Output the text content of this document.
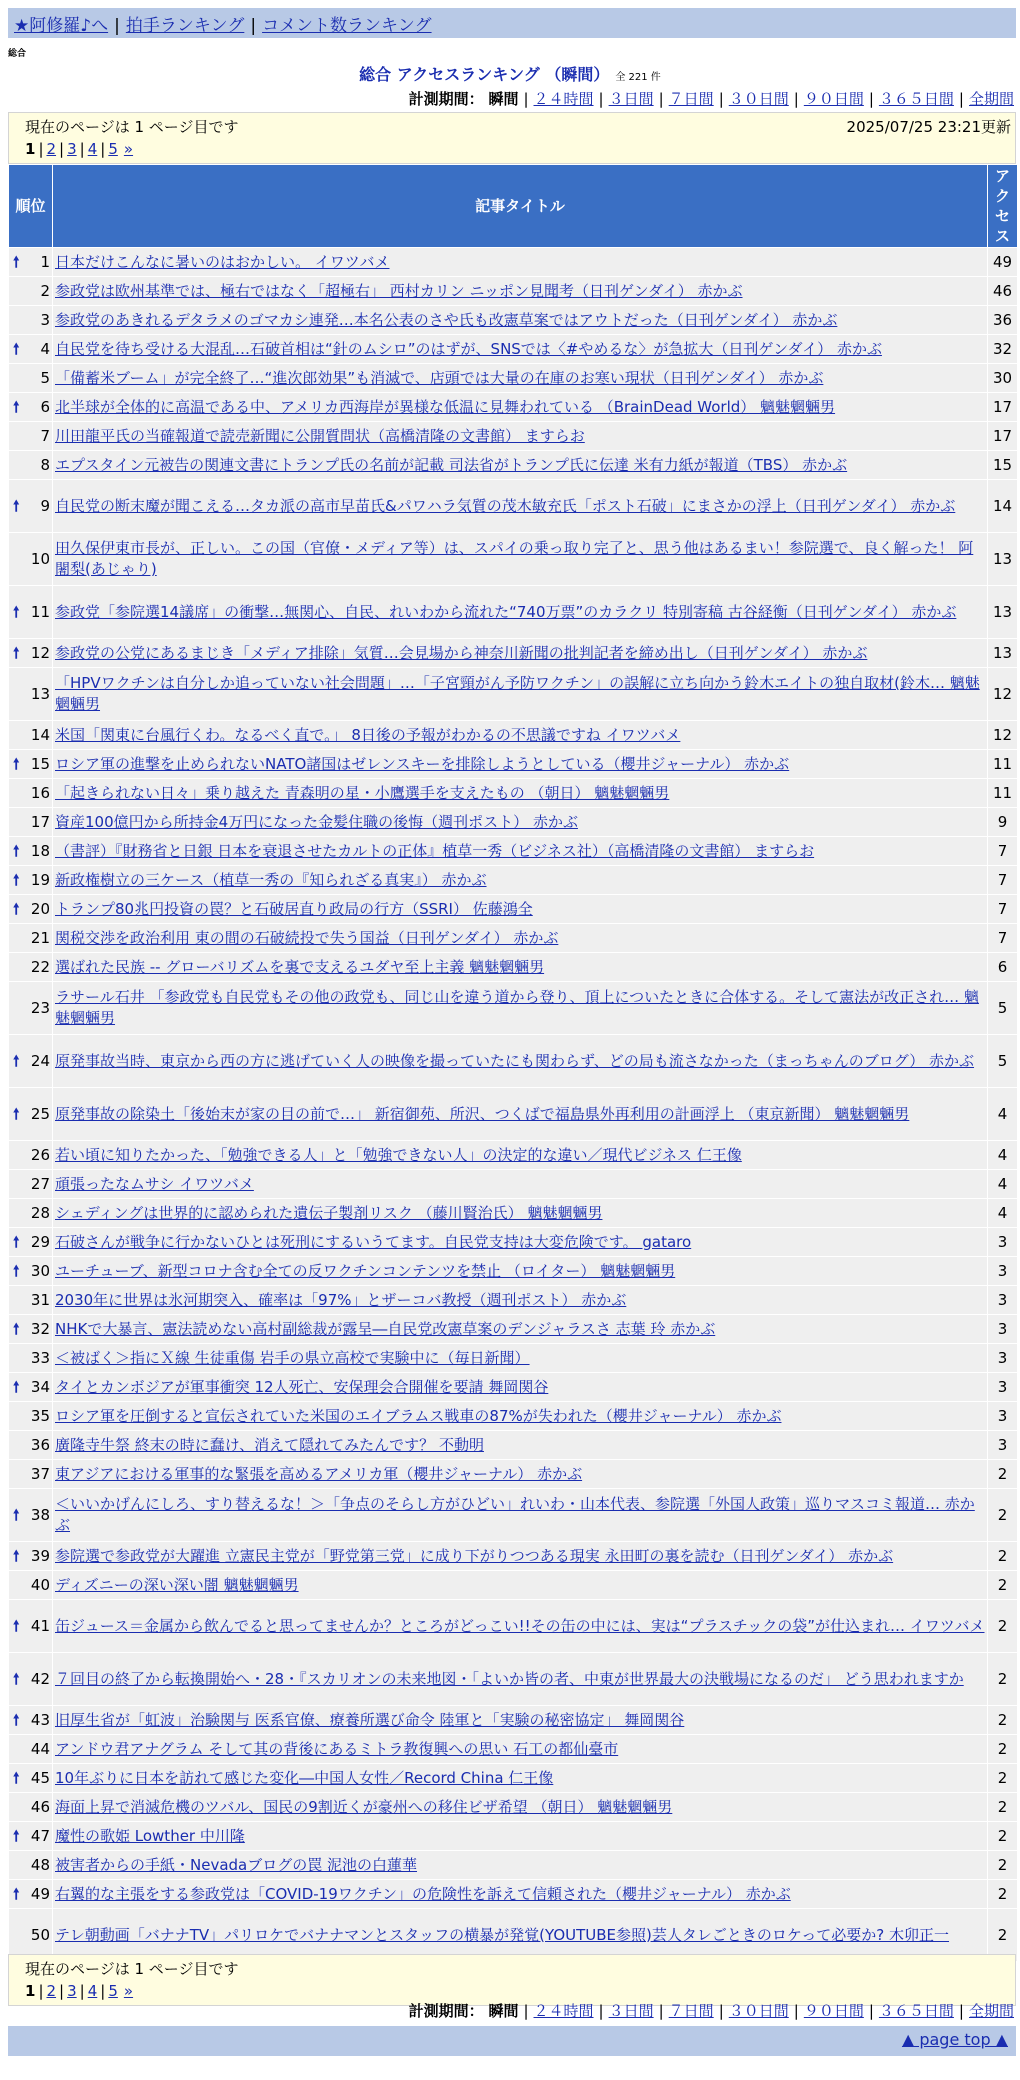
★阿修羅♪へ | 拍手ランキング | コメント数ランキング
総合
総合 アクセスランキング （瞬間） 全 221 件
計測期間： 瞬間 | ２４時間 | ３日間 | ７日間 | ３０日間 | ９０日間 | ３６５日間 | 全期間
現在のページは 1 ページ目です	2025/07/25 23:21更新
1 | 2 | 3 | 4 | 5 »
順位	記事タイトル	アクセス

🠕 1	日本だけこんなに暑いのはおかしい。 イワツバメ	49
2	参政党は欧州基準では、極右ではなく「超極右」 西村カリン ニッポン見聞考（日刊ゲンダイ） 赤かぶ	46
3	参政党のあきれるデタラメのゴマカシ連発…本名公表のさや氏も改憲草案ではアウトだった（日刊ゲンダイ） 赤かぶ	36

🠕 4	自民党を待ち受ける大混乱…石破首相は“針のムシロ”のはずが、SNSでは〈#やめるな〉が急拡大（日刊ゲンダイ） 赤かぶ	32
5	「備蓄米ブーム」が完全終了…“進次郎効果”も消滅で、店頭では大量の在庫のお寒い現状（日刊ゲンダイ） 赤かぶ	30

🠕 6	北半球が全体的に高温である中、アメリカ西海岸が異様な低温に見舞われている （BrainDead World） 魑魅魍魎男	17
7	川田龍平氏の当確報道で読売新聞に公開質問状（高橋清隆の文書館） ますらお	17
8	エプスタイン元被告の関連文書にトランプ氏の名前が記載 司法省がトランプ氏に伝達 米有力紙が報道（TBS） 赤かぶ	15

🠕 9	自民党の断末魔が聞こえる…タカ派の高市早苗氏&パワハラ気質の茂木敏充氏「ポスト石破」にまさかの浮上（日刊ゲンダイ） 赤かぶ	14
10	田久保伊東市長が、正しい。この国（官僚・メディア等）は、スパイの乗っ取り完了と、思う他はあるまい！参院選で、良く解った！ 阿闍梨(あじゃり)	13

🠕 11	参政党「参院選14議席」の衝撃…無関心、自民、れいわから流れた“740万票”のカラクリ 特別寄稿 古谷経衡（日刊ゲンダイ） 赤かぶ	13

🠕 12	参政党の公党にあるまじき「メディア排除」気質…会見場から神奈川新聞の批判記者を締め出し（日刊ゲンダイ） 赤かぶ	13
13	「HPVワクチンは自分しか追っていない社会問題」…「子宮頸がん予防ワクチン」の誤解に立ち向かう鈴木エイトの独自取材(鈴木… 魑魅魍魎男	12
14	米国「関東に台風行くわ。なるべく直で。」 8日後の予報がわかるの不思議ですね イワツバメ	12

🠕 15	ロシア軍の進撃を止められないNATO諸国はゼレンスキーを排除しようとしている（櫻井ジャーナル） 赤かぶ	11
16	「起きられない日々」乗り越えた 青森明の星・小鷹選手を支えたもの （朝日） 魑魅魍魎男	11
17	資産100億円から所持金4万円になった金髪住職の後悔（週刊ポスト） 赤かぶ	9

🠕 18	（書評）『財務省と日銀 日本を衰退させたカルトの正体』植草一秀（ビジネス社）（高橋清隆の文書館） ますらお	7

🠕 19	新政権樹立の三ケース（植草一秀の『知られざる真実』） 赤かぶ	7

🠕 20	トランプ80兆円投資の罠？と石破居直り政局の行方（SSRI） 佐藤鴻全	7
21	関税交渉を政治利用 東の間の石破続投で失う国益（日刊ゲンダイ） 赤かぶ	7
22	選ばれた民族 -- グローバリズムを裏で支えるユダヤ至上主義 魑魅魍魎男	6
23	ラサール石井 「参政党も自民党もその他の政党も、同じ山を違う道から登り、頂上についたときに合体する。そして憲法が改正され… 魑魅魍魎男	5

🠕 24	原発事故当時、東京から西の方に逃げていく人の映像を撮っていたにも関わらず、どの局も流さなかった（まっちゃんのブログ） 赤かぶ	5

🠕 25	原発事故の除染土「後始末が家の目の前で…」 新宿御苑、所沢、つくばで福島県外再利用の計画浮上 （東京新聞） 魑魅魍魎男	4
26	若い頃に知りたかった、「勉強できる人」と「勉強できない人」の決定的な違い／現代ビジネス 仁王像	4
27	頑張ったなムサシ イワツバメ	4
28	シェディングは世界的に認められた遺伝子製剤リスク （藤川賢治氏） 魑魅魍魎男	4

🠕 29	石破さんが戦争に行かないひとは死刑にするいうてます。自民党支持は大変危険です。 gataro	3

🠕 30	ユーチューブ、新型コロナ含む全ての反ワクチンコンテンツを禁止 （ロイター） 魑魅魍魎男	3
31	2030年に世界は氷河期突入、確率は「97%」とザーコバ教授（週刊ポスト） 赤かぶ	3

🠕 32	NHKで大暴言、憲法読めない高村副総裁が露呈―自民党改憲草案のデンジャラスさ 志葉 玲 赤かぶ	3
33	＜被ばく＞指にＸ線 生徒重傷 岩手の県立高校で実験中に（毎日新聞）	3

🠕 34	タイとカンボジアが軍事衝突 12人死亡、安保理会合開催を要請 舞岡関谷	3
35	ロシア軍を圧倒すると宣伝されていた米国のエイブラムス戦車の87%が失われた（櫻井ジャーナル） 赤かぶ	3
36	廣隆寺牛祭 終末の時に蠢け、消えて隠れてみたんです？ 不動明	3
37	東アジアにおける軍事的な緊張を高めるアメリカ軍（櫻井ジャーナル） 赤かぶ	2

🠕 38	＜いいかげんにしろ、すり替えるな！＞「争点のそらし方がひどい」れいわ・山本代表、参院選「外国人政策」巡りマスコミ報道… 赤かぶ	2

🠕 39	参院選で参政党が大躍進 立憲民主党が「野党第三党」に成り下がりつつある現実 永田町の裏を読む（日刊ゲンダイ） 赤かぶ	2
40	ディズニーの深い深い闇 魑魅魍魎男	2

🠕 41	缶ジュース＝金属から飲んでると思ってませんか？ところがどっこい!!その缶の中には、実は“プラスチックの袋”が仕込まれ… イワツバメ	2

🠕 42	７回目の終了から転換開始へ・28・『スカリオンの未来地図・「よいか皆の者、中東が世界最大の決戦場になるのだ」 どう思われますか	2

🠕 43	旧厚生省が「虹波」治験関与 医系官僚、療養所選び命令 陸軍と「実験の秘密協定」 舞岡関谷	2
44	アンドウ君アナグラム そして其の背後にあるミトラ教復興への思い 石工の都仙臺市	2

🠕 45	10年ぶりに日本を訪れて感じた変化―中国人女性／Record China 仁王像	2
46	海面上昇で消滅危機のツバル、国民の9割近くが豪州への移住ビザ希望 （朝日） 魑魅魍魎男	2

🠕 47	魔性の歌姫 Lowther 中川隆	2
48	被害者からの手紙・Nevadaブログの罠 泥池の白蓮華	2

🠕 49	右翼的な主張をする参政党は「COVID-19ワクチン」の危険性を訴えて信頼された（櫻井ジャーナル） 赤かぶ	2
50	テレ朝動画「バナナTV」パリロケでバナナマンとスタッフの横暴が発覚(YOUTUBE参照)芸人タレごときのロケって必要か? 木卯正一	2
現在のページは 1 ページ目です
1 | 2 | 3 | 4 | 5 »
計測期間： 瞬間 | ２４時間 | ３日間 | ７日間 | ３０日間 | ９０日間 | ３６５日間 | 全期間
▲ page top ▲
